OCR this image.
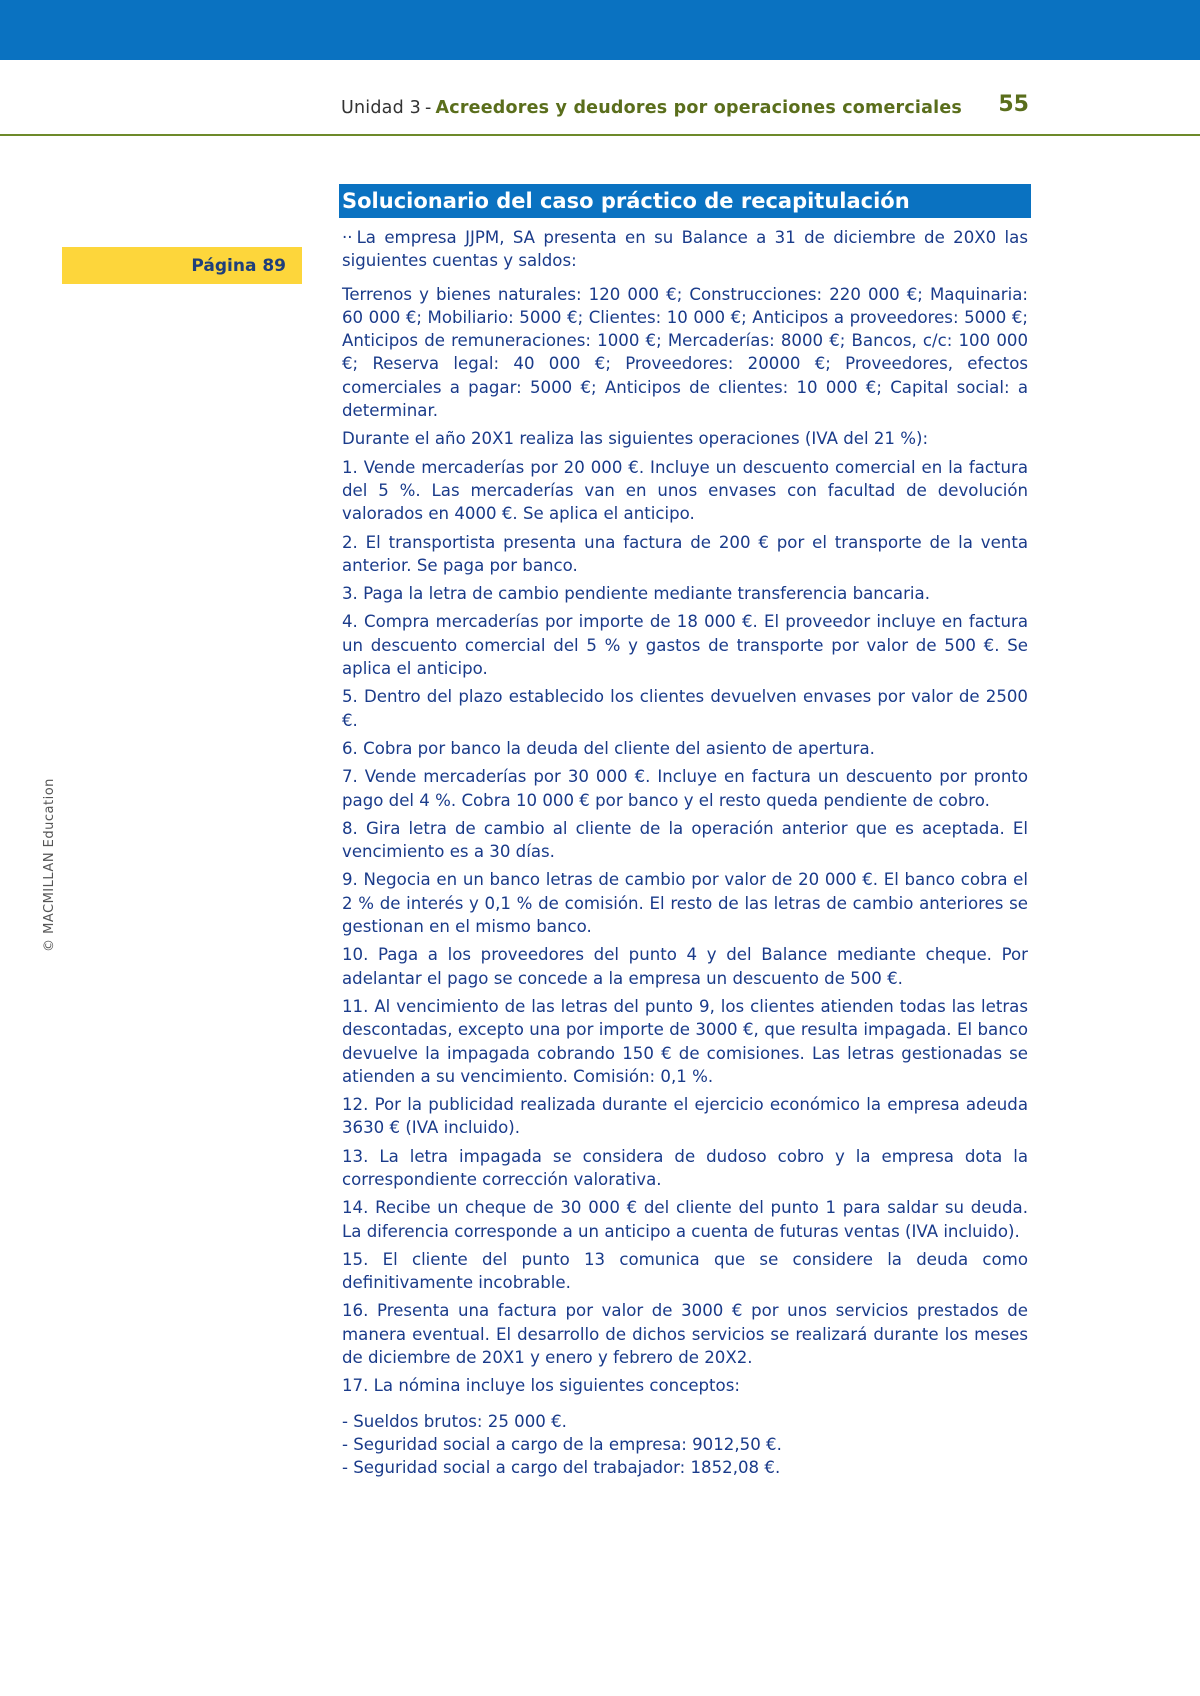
Unidad 3 - Acreedores y deudores por operaciones comerciales 55
Página 89
© MACMILLAN Education
Solucionario del caso práctico de recapitulación

·· La empresa JJPM, SA presenta en su Balance a 31 de diciembre de 20X0 las siguientes cuentas y saldos:

Terrenos y bienes naturales: 120 000 €; Construcciones: 220 000 €; Maquinaria: 60 000 €; Mobiliario: 5000 €; Clientes: 10 000 €; Anticipos a proveedores: 5000 €; Anticipos de remuneraciones: 1000 €; Mercaderías: 8000 €; Bancos, c/c: 100 000 €; Reserva legal: 40 000 €; Proveedores: 20000 €; Proveedores, efectos comerciales a pagar: 5000 €; Anticipos de clientes: 10 000 €; Capital social: a determinar.

Durante el año 20X1 realiza las siguientes operaciones (IVA del 21 %):

1. Vende mercaderías por 20 000 €. Incluye un descuento comercial en la factura del 5 %. Las mercaderías van en unos envases con facultad de devolución valorados en 4000 €. Se aplica el anticipo.

2. El transportista presenta una factura de 200 € por el transporte de la venta anterior. Se paga por banco.

3. Paga la letra de cambio pendiente mediante transferencia bancaria.

4. Compra mercaderías por importe de 18 000 €. El proveedor incluye en factura un descuento comercial del 5 % y gastos de transporte por valor de 500 €. Se aplica el anticipo.

5. Dentro del plazo establecido los clientes devuelven envases por valor de 2500 €.

6. Cobra por banco la deuda del cliente del asiento de apertura.

7. Vende mercaderías por 30 000 €. Incluye en factura un descuento por pronto pago del 4 %. Cobra 10 000 € por banco y el resto queda pendiente de cobro.

8. Gira letra de cambio al cliente de la operación anterior que es aceptada. El vencimiento es a 30 días.

9. Negocia en un banco letras de cambio por valor de 20 000 €. El banco cobra el 2 % de interés y 0,1 % de comisión. El resto de las letras de cambio anteriores se gestionan en el mismo banco.

10. Paga a los proveedores del punto 4 y del Balance mediante cheque. Por adelantar el pago se concede a la empresa un descuento de 500 €.

11. Al vencimiento de las letras del punto 9, los clientes atienden todas las letras descontadas, excepto una por importe de 3000 €, que resulta impagada. El banco devuelve la impagada cobrando 150 € de comisiones. Las letras gestionadas se atienden a su vencimiento. Comisión: 0,1 %.

12. Por la publicidad realizada durante el ejercicio económico la empresa adeuda 3630 € (IVA incluido).

13. La letra impagada se considera de dudoso cobro y la empresa dota la correspondiente corrección valorativa.

14. Recibe un cheque de 30 000 € del cliente del punto 1 para saldar su deuda. La diferencia corresponde a un anticipo a cuenta de futuras ventas (IVA incluido).

15. El cliente del punto 13 comunica que se considere la deuda como definitivamente incobrable.

16. Presenta una factura por valor de 3000 € por unos servicios prestados de manera eventual. El desarrollo de dichos servicios se realizará durante los meses de diciembre de 20X1 y enero y febrero de 20X2.

17. La nómina incluye los siguientes conceptos:

- Sueldos brutos: 25 000 €.

- Seguridad social a cargo de la empresa: 9012,50 €.

- Seguridad social a cargo del trabajador: 1852,08 €.
